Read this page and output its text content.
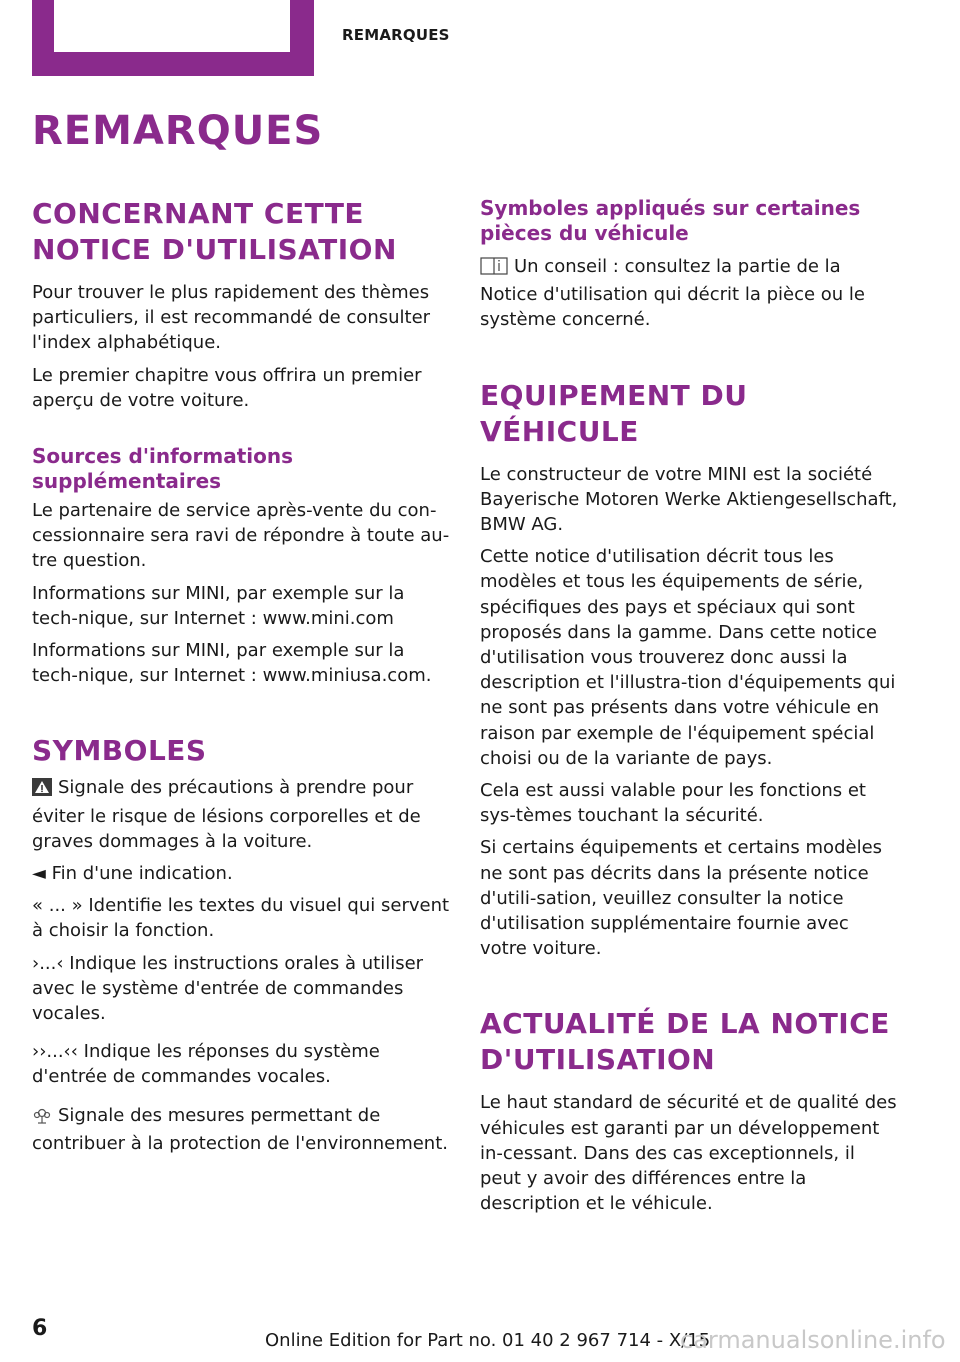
REMARQUES
REMARQUES
CONCERNANT CETTE NOTICE D'UTILISATION

Pour trouver le plus rapidement des thèmes particuliers, il est recommandé de consulter l'index alphabétique.

Le premier chapitre vous offrira un premier aperçu de votre voiture.

Sources d'informations supplémentaires

Le partenaire de service après-vente du con-cessionnaire sera ravi de répondre à toute au-tre question.

Informations sur MINI, par exemple sur la tech-nique, sur Internet : www.mini.com

Informations sur MINI, par exemple sur la tech-nique, sur Internet : www.miniusa.com.

SYMBOLES

Signale des précautions à prendre pour éviter le risque de lésions corporelles et de graves dommages à la voiture.

◄ Fin d'une indication.

« ... » Identifie les textes du visuel qui servent à choisir la fonction.

›...‹ Indique les instructions orales à utiliser avec le système d'entrée de commandes vocales.

››...‹‹ Indique les réponses du système d'entrée de commandes vocales.

Signale des mesures permettant de contribuer à la protection de l'environnement.

Symboles appliqués sur certaines pièces du véhicule

Un conseil : consultez la partie de la Notice d'utilisation qui décrit la pièce ou le système concerné.

EQUIPEMENT DU VÉHICULE

Le constructeur de votre MINI est la société Bayerische Motoren Werke Aktiengesellschaft, BMW AG.

Cette notice d'utilisation décrit tous les modèles et tous les équipements de série, spécifiques des pays et spéciaux qui sont proposés dans la gamme. Dans cette notice d'utilisation vous trouverez donc aussi la description et l'illustra-tion d'équipements qui ne sont pas présents dans votre véhicule en raison par exemple de l'équipement spécial choisi ou de la variante de pays.

Cela est aussi valable pour les fonctions et sys-tèmes touchant la sécurité.

Si certains équipements et certains modèles ne sont pas décrits dans la présente notice d'utili-sation, veuillez consulter la notice d'utilisation supplémentaire fournie avec votre voiture.

ACTUALITÉ DE LA NOTICE D'UTILISATION

Le haut standard de sécurité et de qualité des véhicules est garanti par un développement in-cessant. Dans des cas exceptionnels, il peut y avoir des différences entre la description et le véhicule.

6	Online Edition for Part no. 01 40 2 967 714 - X/15
carmanualsonline.info
